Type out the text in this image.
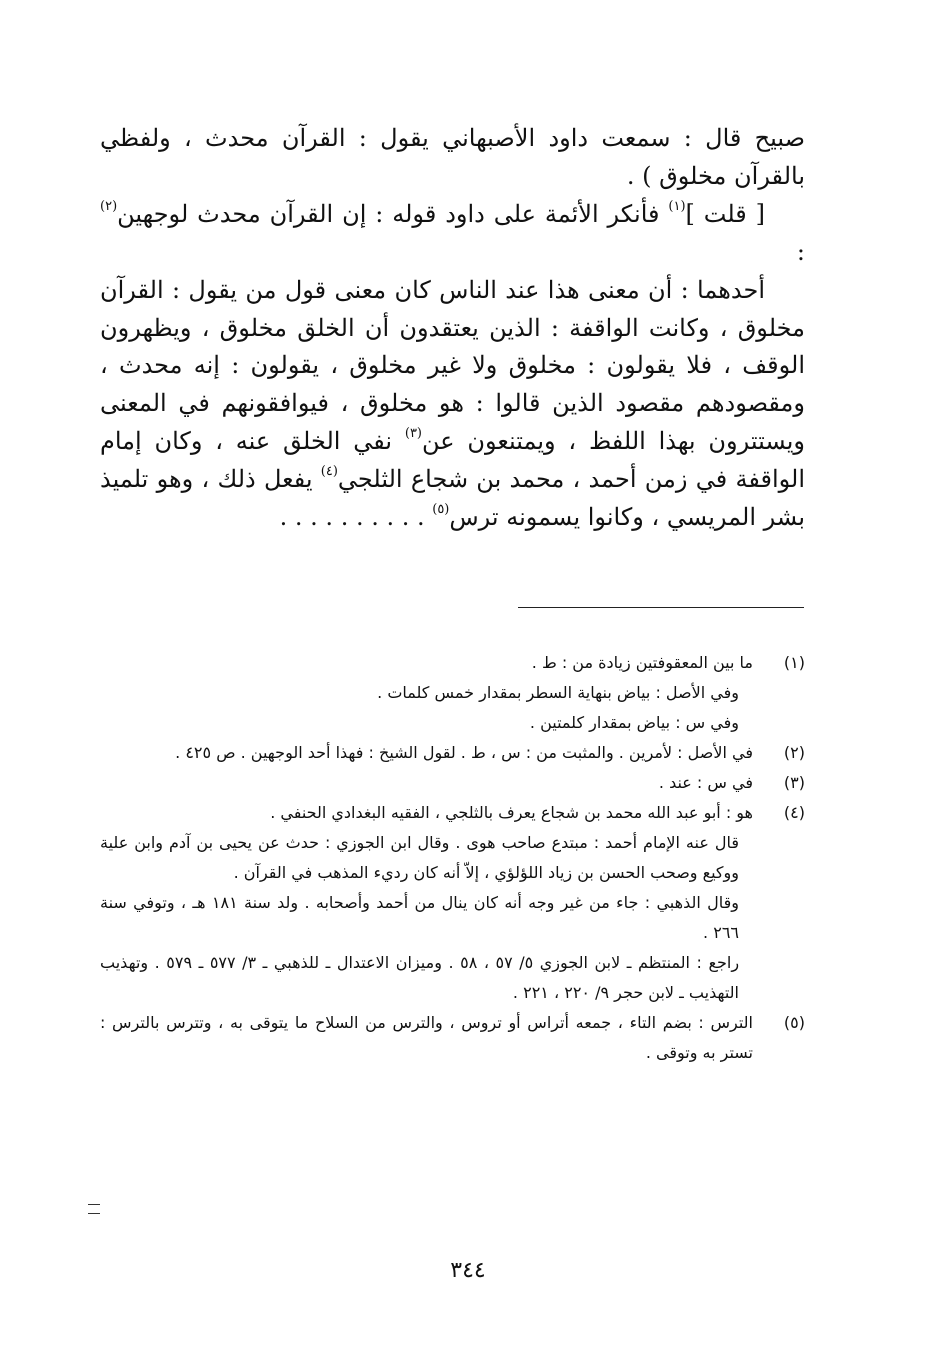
صبيح قال : سمعت داود الأصبهاني يقول : القرآن محدث ، ولفظي بالقرآن مخلوق ) .

[ قلت ]$^{(١)}$ فأنكر الأئمة على داود قوله : إن القرآن محدث لوجهين$^{(٢)}$ :

أحدهما : أن معنى هذا عند الناس كان معنى قول من يقول : القرآن مخلوق ، وكانت الواقفة : الذين يعتقدون أن الخلق مخلوق ، ويظهرون الوقف ، فلا يقولون : مخلوق ولا غير مخلوق ، يقولون : إنه محدث ، ومقصودهم مقصود الذين قالوا : هو مخلوق ، فيوافقونهم في المعنى ويستترون بهذا اللفظ ، ويمتنعون عن$^{(٣)}$ نفي الخلق عنه ، وكان إمام الواقفة في زمن أحمد ، محمد بن شجاع الثلجي$^{(٤)}$ يفعل ذلك ، وهو تلميذ بشر المريسي ، وكانوا يسمونه ترس$^{(٥)}$ . . . . . . . . . .

(١)
ما بين المعقوفتين زيادة من : ط .
وفي الأصل : بياض بنهاية السطر بمقدار خمس كلمات .
وفي س : بياض بمقدار كلمتين .
(٢)
في الأصل : لأمرين . والمثبت من : س ، ط . لقول الشيخ : فهذا أحد الوجهين . ص ٤٢٥ .
(٣)
في س : عند .
(٤)
هو : أبو عبد الله محمد بن شجاع يعرف بالثلجي ، الفقيه البغدادي الحنفي .
قال عنه الإمام أحمد : مبتدع صاحب هوى . وقال ابن الجوزي : حدث عن يحيى بن آدم وابن علية ووكيع وصحب الحسن بن زياد اللؤلؤي ، إلاّ أنه كان رديء المذهب في القرآن .
وقال الذهبي : جاء من غير وجه أنه كان ينال من أحمد وأصحابه . ولد سنة ١٨١ هـ ، وتوفي سنة ٢٦٦ .
راجع : المنتظم ـ لابن الجوزي ٥/ ٥٧ ، ٥٨ . وميزان الاعتدال ـ للذهبي ـ ٣/ ٥٧٧ ـ ٥٧٩ . وتهذيب التهذيب ـ لابن حجر ٩/ ٢٢٠ ، ٢٢١ .
(٥)
الترس : بضم التاء ، جمعه أتراس أو تروس ، والترس من السلاح ما يتوقى به ، وتترس بالترس : تستر به وتوقى .
٣٤٤
